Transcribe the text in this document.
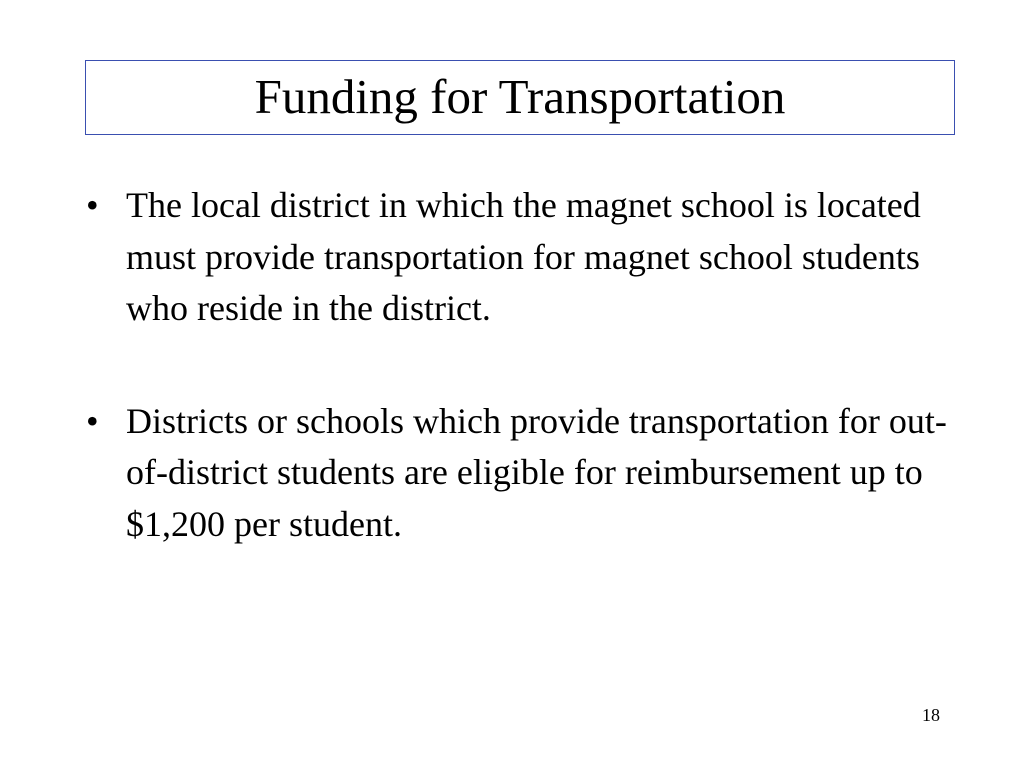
Funding for Transportation
• The local district in which the magnet school is located must provide transportation for magnet school students who reside in the district.
• Districts or schools which provide transportation for out-of-district students are eligible for reimbursement up to $1,200 per student.
18
